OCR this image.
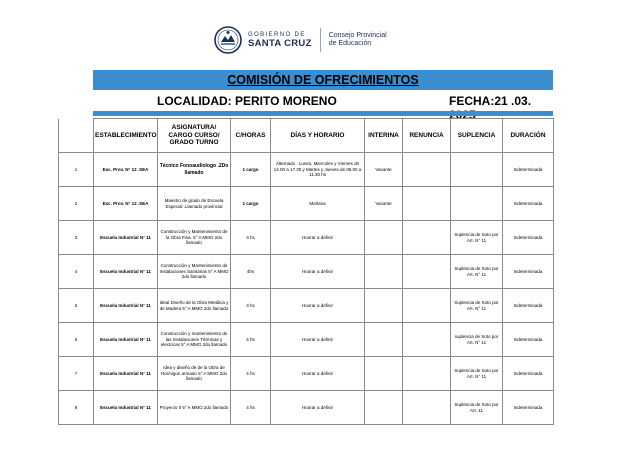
GOBIERNO DE
SANTA CRUZ
Consejo Provincial
de Educación
COMISIÓN DE OFRECIMIENTOS
LOCALIDAD: PERITO MORENO	FECHA:21 .03.
	ESTABLECIMIENTO	ASIGNATURA/ CARGO CURSO/ GRADO TURNO	C/HORAS	DÍAS Y HORARIO	INTERINA	RENUNCIA	SUPLENCIA	DURACIÓN
1	Esc. Prov. N° 12 .SEA	Técnico Fonoaudiologo .2Do llamado	1 cargo	Alternado . Lunes, Miercoles y Viernes de 14.00 a 17.30 y Martes y Jueves de 08.00 a 11.30 hs	Vacante			Indeterminada
2	Esc. Prov. N° 12 .SEA	Maestro de grado de Escuela Especial .Llamado provincial	1 cargo	Mañana	Vacante			Indeterminada
3	Escuela Industrial N° 11	Construcción y Mantenimiento de la Obra Fina. 5° A MMO 2do llamado	3 hs	Hoorar a definir			Suplencia de Soto por Art. N° 11	Indeterminada
4	Escuela Industrial N° 11	Construcción y Mantenimiento de Instalaciones Sanitarias 5° A MMO 2do llamado	4hs	Hoorar a definir			Suplencia de Soto por Art. N° 11	Indeterminada
5	Escuela Industrial N° 11	Ideal Diseño de la Obra Metálica y de Madera 5° A MMO 2do llamado	3 hs	Hoorar a definir			Suplencia de Soto por Art. N° 11	Indeterminada
6	Escuela Industrial N° 11	Construcción y mantenimiento de las Instalaciones Térmicas y electricas 5° A MMO 2do llamado	4 hs	Hoorar a definir			suplencia de Soto por Art. N° 11	Indeterminada
7	Escuela Industrial N° 11	Idea y diseño de de la Obra de Hormigon armado 5° A MMO 2do llamado	4 hs	Hoorar a definir			Suplencia de Soto por Art. N° 11	Indeterminada
8	Escuela Industrial N° 11	Proyecto II 5° A MMO 2do llamado	4 hs	Hoorar a definir			Suplencia de Soto por Art. 11	Indeterminada
